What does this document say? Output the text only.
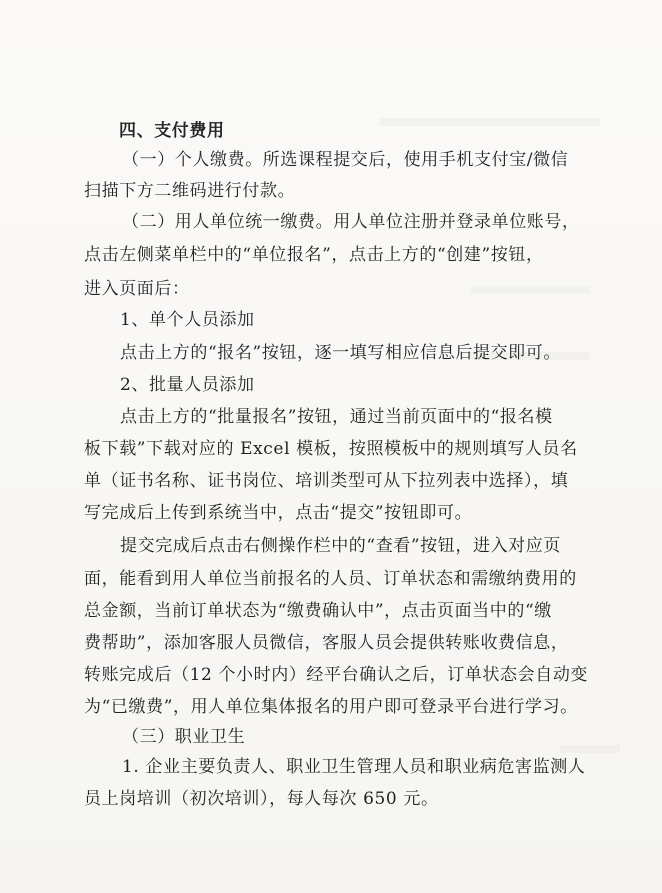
四、支付费用
（一）个人缴费。所选课程提交后，使用手机支付宝/微信
扫描下方二维码进行付款。
（二）用人单位统一缴费。用人单位注册并登录单位账号，
点击左侧菜单栏中的“单位报名”，点击上方的“创建”按钮，
进入页面后：
1、单个人员添加
点击上方的“报名”按钮，逐一填写相应信息后提交即可。
2、批量人员添加
点击上方的“批量报名”按钮，通过当前页面中的“报名模
板下载”下载对应的 Excel 模板，按照模板中的规则填写人员名
单（证书名称、证书岗位、培训类型可从下拉列表中选择），填
写完成后上传到系统当中，点击“提交”按钮即可。
提交完成后点击右侧操作栏中的“查看”按钮，进入对应页
面，能看到用人单位当前报名的人员、订单状态和需缴纳费用的
总金额，当前订单状态为“缴费确认中”，点击页面当中的“缴
费帮助”，添加客服人员微信，客服人员会提供转账收费信息，
转账完成后（12 个小时内）经平台确认之后，订单状态会自动变
为“已缴费”，用人单位集体报名的用户即可登录平台进行学习。
（三）职业卫生
1. 企业主要负责人、职业卫生管理人员和职业病危害监测人
员上岗培训（初次培训），每人每次 650 元。
